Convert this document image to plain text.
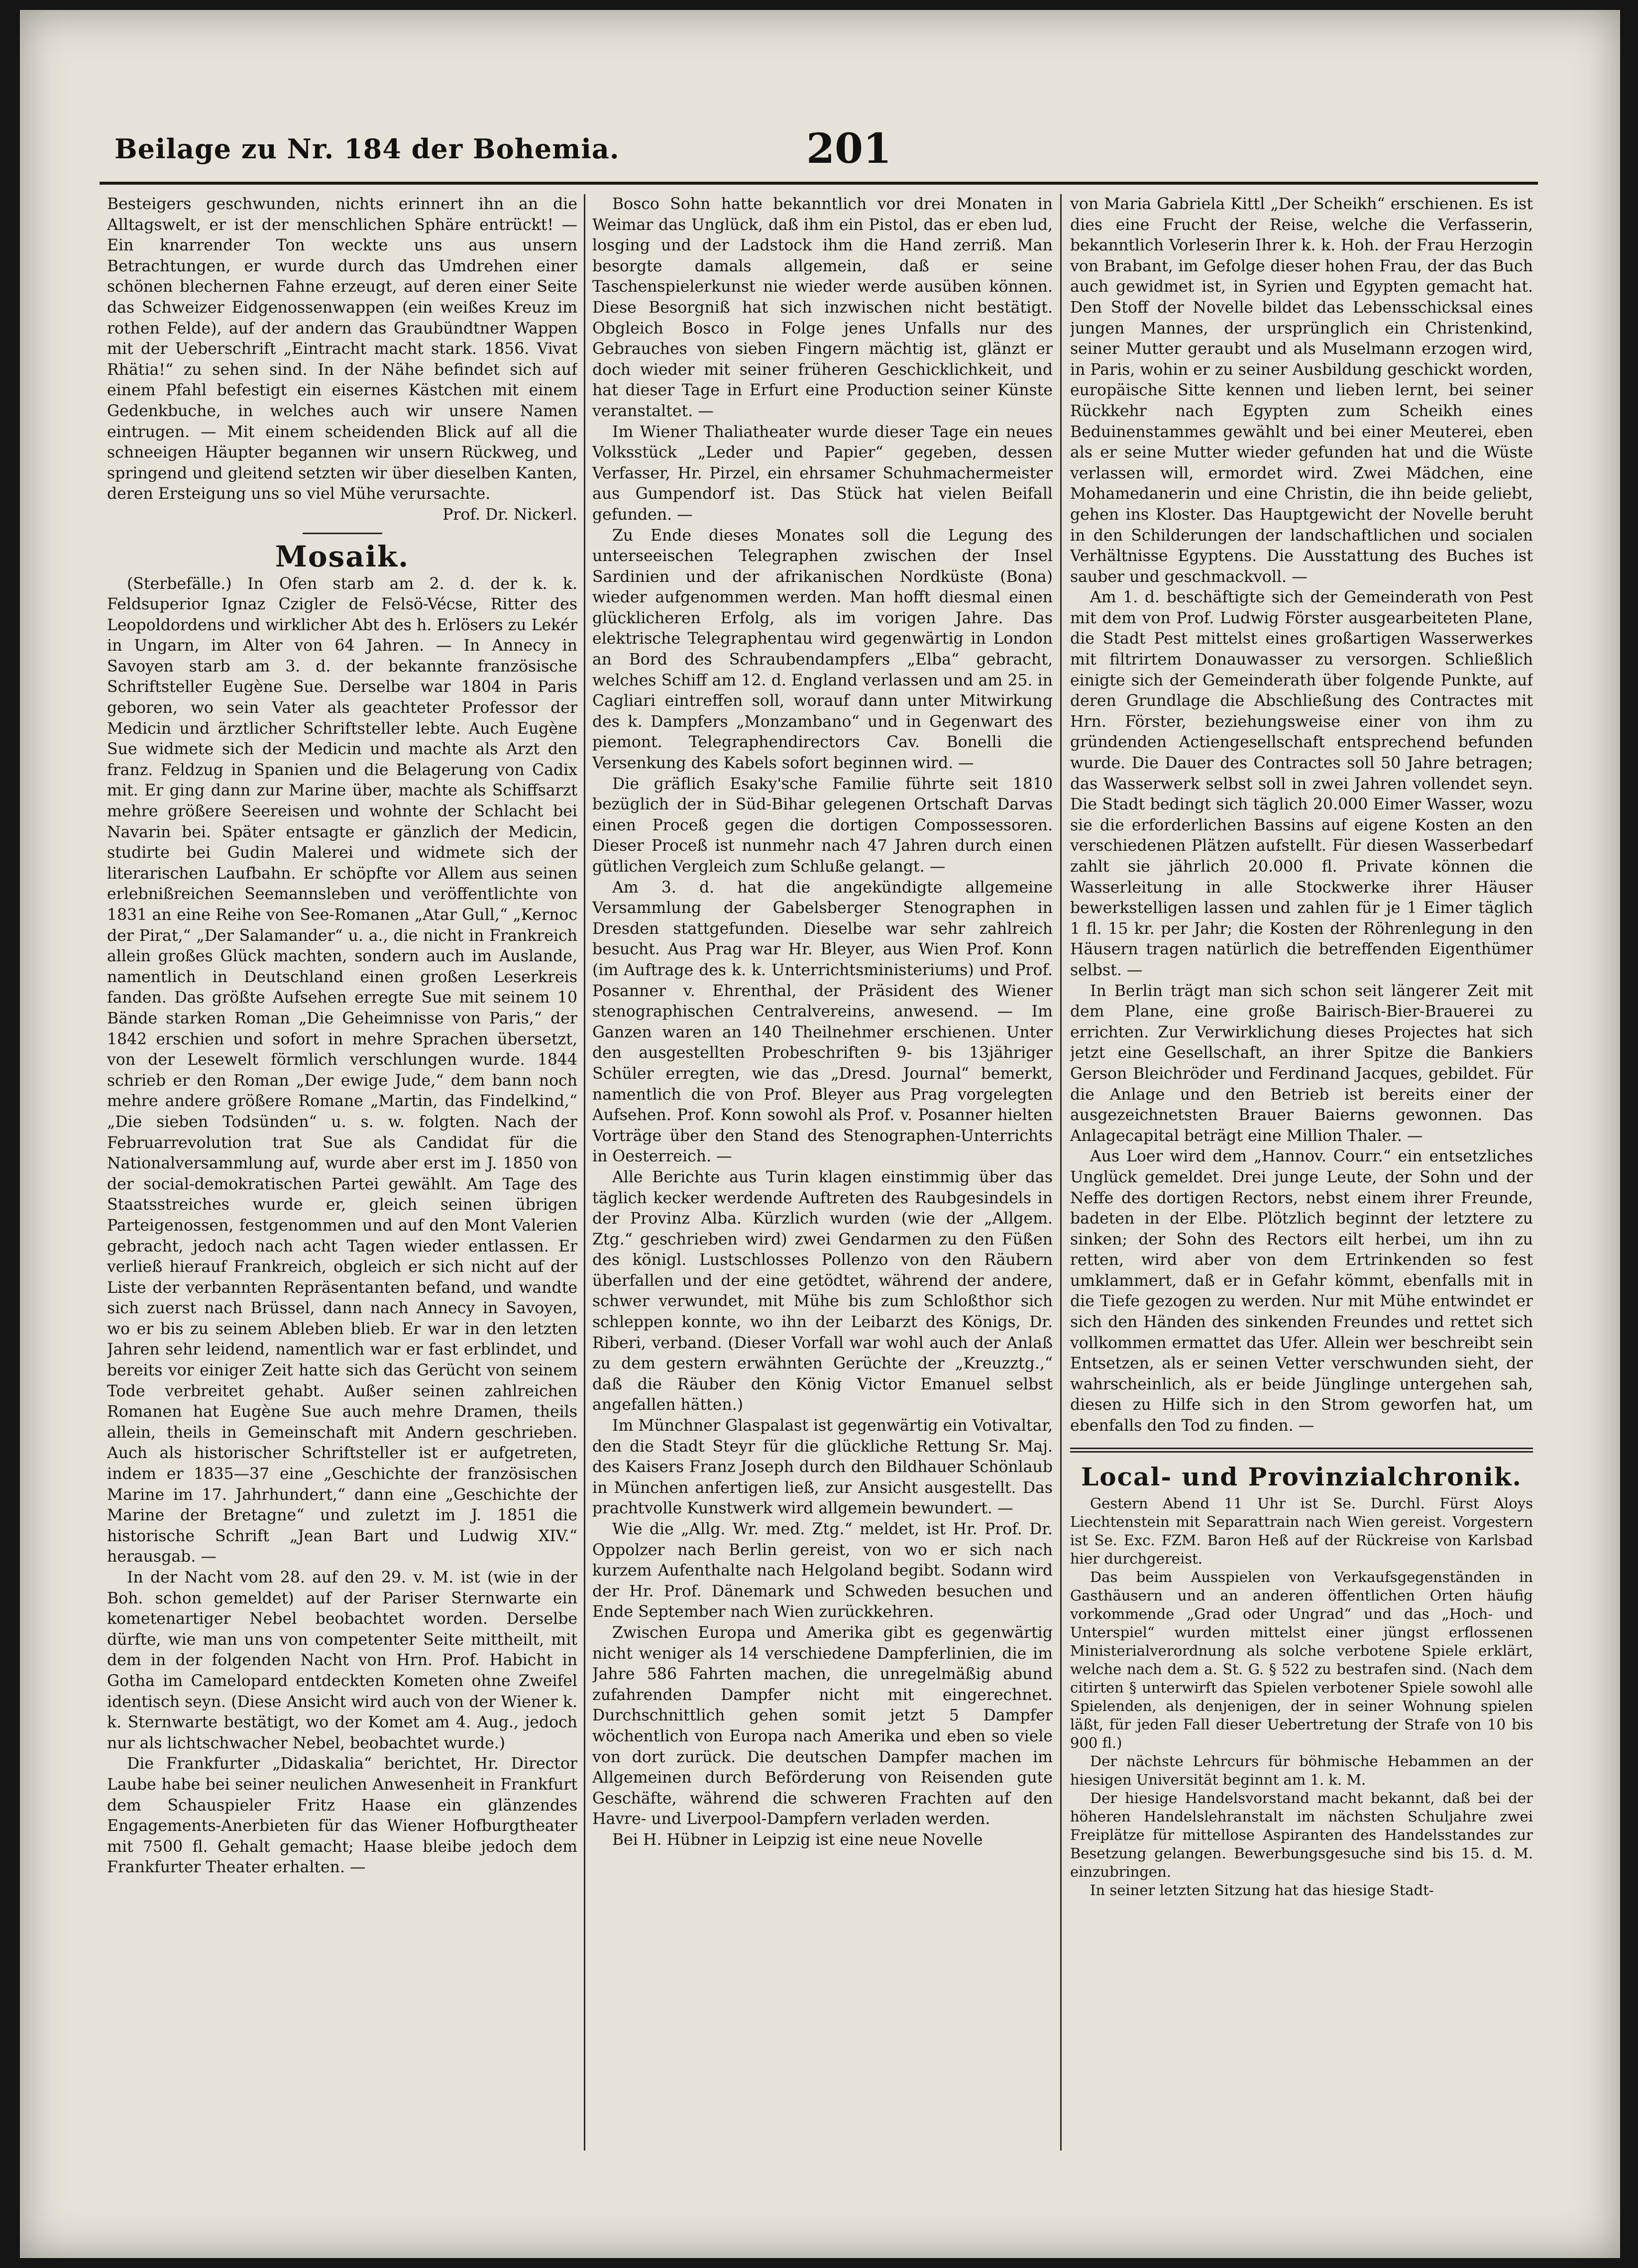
Beilage zu Nr. 184 der Bohemia.	201

Besteigers geschwunden, nichts erinnert ihn an die Alltagswelt, er ist der menschlichen Sphäre entrückt! — Ein knarrender Ton weckte uns aus unsern Betrachtungen, er wurde durch das Umdrehen einer schönen blechernen Fahne erzeugt, auf deren einer Seite das Schweizer Eidgenossenwappen (ein weißes Kreuz im rothen Felde), auf der andern das Graubündtner Wappen mit der Ueberschrift „Eintracht macht stark. 1856. Vivat Rhätia!“ zu sehen sind. In der Nähe befindet sich auf einem Pfahl befestigt ein eisernes Kästchen mit einem Gedenkbuche, in welches auch wir unsere Namen eintrugen. — Mit einem scheidenden Blick auf all die schneeigen Häupter begannen wir unsern Rückweg, und springend und gleitend setzten wir über dieselben Kanten, deren Ersteigung uns so viel Mühe verursachte.

Prof. Dr. Nickerl.

Mosaik.

(Sterbefälle.) In Ofen starb am 2. d. der k. k. Feldsuperior Ignaz Czigler de Felsö-Vécse, Ritter des Leopoldordens und wirklicher Abt des h. Erlösers zu Lekér in Ungarn, im Alter von 64 Jahren. — In Annecy in Savoyen starb am 3. d. der bekannte französische Schriftsteller Eugène Sue. Derselbe war 1804 in Paris geboren, wo sein Vater als geachteter Professor der Medicin und ärztlicher Schriftsteller lebte. Auch Eugène Sue widmete sich der Medicin und machte als Arzt den franz. Feldzug in Spanien und die Belagerung von Cadix mit. Er ging dann zur Marine über, machte als Schiffsarzt mehre größere Seereisen und wohnte der Schlacht bei Navarin bei. Später entsagte er gänzlich der Medicin, studirte bei Gudin Malerei und widmete sich der literarischen Laufbahn. Er schöpfte vor Allem aus seinen erlebnißreichen Seemannsleben und veröffentlichte von 1831 an eine Reihe von See-Romanen „Atar Gull,“ „Kernoc der Pirat,“ „Der Salamander“ u. a., die nicht in Frankreich allein großes Glück machten, sondern auch im Auslande, namentlich in Deutschland einen großen Leserkreis fanden. Das größte Aufsehen erregte Sue mit seinem 10 Bände starken Roman „Die Geheimnisse von Paris,“ der 1842 erschien und sofort in mehre Sprachen übersetzt, von der Lesewelt förmlich verschlungen wurde. 1844 schrieb er den Roman „Der ewige Jude,“ dem bann noch mehre andere größere Romane „Martin, das Findelkind,“ „Die sieben Todsünden“ u. s. w. folgten. Nach der Februarrevolution trat Sue als Candidat für die Nationalversammlung auf, wurde aber erst im J. 1850 von der social-demokratischen Partei gewählt. Am Tage des Staatsstreiches wurde er, gleich seinen übrigen Parteigenossen, festgenommen und auf den Mont Valerien gebracht, jedoch nach acht Tagen wieder entlassen. Er verließ hierauf Frankreich, obgleich er sich nicht auf der Liste der verbannten Repräsentanten befand, und wandte sich zuerst nach Brüssel, dann nach Annecy in Savoyen, wo er bis zu seinem Ableben blieb. Er war in den letzten Jahren sehr leidend, namentlich war er fast erblindet, und bereits vor einiger Zeit hatte sich das Gerücht von seinem Tode verbreitet gehabt. Außer seinen zahlreichen Romanen hat Eugène Sue auch mehre Dramen, theils allein, theils in Gemeinschaft mit Andern geschrieben. Auch als historischer Schriftsteller ist er aufgetreten, indem er 1835—37 eine „Geschichte der französischen Marine im 17. Jahrhundert,“ dann eine „Geschichte der Marine der Bretagne“ und zuletzt im J. 1851 die historische Schrift „Jean Bart und Ludwig XIV.“ herausgab. —

In der Nacht vom 28. auf den 29. v. M. ist (wie in der Boh. schon gemeldet) auf der Pariser Sternwarte ein kometenartiger Nebel beobachtet worden. Derselbe dürfte, wie man uns von competenter Seite mittheilt, mit dem in der folgenden Nacht von Hrn. Prof. Habicht in Gotha im Camelopard entdeckten Kometen ohne Zweifel identisch seyn. (Diese Ansicht wird auch von der Wiener k. k. Sternwarte bestätigt, wo der Komet am 4. Aug., jedoch nur als lichtschwacher Nebel, beobachtet wurde.)

Die Frankfurter „Didaskalia“ berichtet, Hr. Director Laube habe bei seiner neulichen Anwesenheit in Frankfurt dem Schauspieler Fritz Haase ein glänzendes Engagements-Anerbieten für das Wiener Hofburgtheater mit 7500 fl. Gehalt gemacht; Haase bleibe jedoch dem Frankfurter Theater erhalten. —

Bosco Sohn hatte bekanntlich vor drei Monaten in Weimar das Unglück, daß ihm ein Pistol, das er eben lud, losging und der Ladstock ihm die Hand zerriß. Man besorgte damals allgemein, daß er seine Taschenspielerkunst nie wieder werde ausüben können. Diese Besorgniß hat sich inzwischen nicht bestätigt. Obgleich Bosco in Folge jenes Unfalls nur des Gebrauches von sieben Fingern mächtig ist, glänzt er doch wieder mit seiner früheren Geschicklichkeit, und hat dieser Tage in Erfurt eine Production seiner Künste veranstaltet. —

Im Wiener Thaliatheater wurde dieser Tage ein neues Volksstück „Leder und Papier“ gegeben, dessen Verfasser, Hr. Pirzel, ein ehrsamer Schuhmachermeister aus Gumpendorf ist. Das Stück hat vielen Beifall gefunden. —

Zu Ende dieses Monates soll die Legung des unterseeischen Telegraphen zwischen der Insel Sardinien und der afrikanischen Nordküste (Bona) wieder aufgenommen werden. Man hofft diesmal einen glücklicheren Erfolg, als im vorigen Jahre. Das elektrische Telegraphentau wird gegenwärtig in London an Bord des Schraubendampfers „Elba“ gebracht, welches Schiff am 12. d. England verlassen und am 25. in Cagliari eintreffen soll, worauf dann unter Mitwirkung des k. Dampfers „Monzambano“ und in Gegenwart des piemont. Telegraphendirectors Cav. Bonelli die Versenkung des Kabels sofort beginnen wird. —

Die gräflich Esaky'sche Familie führte seit 1810 bezüglich der in Süd-Bihar gelegenen Ortschaft Darvas einen Proceß gegen die dortigen Compossessoren. Dieser Proceß ist nunmehr nach 47 Jahren durch einen gütlichen Vergleich zum Schluße gelangt. —

Am 3. d. hat die angekündigte allgemeine Versammlung der Gabelsberger Stenographen in Dresden stattgefunden. Dieselbe war sehr zahlreich besucht. Aus Prag war Hr. Bleyer, aus Wien Prof. Konn (im Auftrage des k. k. Unterrichtsministeriums) und Prof. Posanner v. Ehrenthal, der Präsident des Wiener stenographischen Centralvereins, anwesend. — Im Ganzen waren an 140 Theilnehmer erschienen. Unter den ausgestellten Probeschriften 9- bis 13jähriger Schüler erregten, wie das „Dresd. Journal“ bemerkt, namentlich die von Prof. Bleyer aus Prag vorgelegten Aufsehen. Prof. Konn sowohl als Prof. v. Posanner hielten Vorträge über den Stand des Stenographen-Unterrichts in Oesterreich. —

Alle Berichte aus Turin klagen einstimmig über das täglich kecker werdende Auftreten des Raubgesindels in der Provinz Alba. Kürzlich wurden (wie der „Allgem. Ztg.“ geschrieben wird) zwei Gendarmen zu den Füßen des königl. Lustschlosses Pollenzo von den Räubern überfallen und der eine getödtet, während der andere, schwer verwundet, mit Mühe bis zum Schloßthor sich schleppen konnte, wo ihn der Leibarzt des Königs, Dr. Riberi, verband. (Dieser Vorfall war wohl auch der Anlaß zu dem gestern erwähnten Gerüchte der „Kreuzztg.,“ daß die Räuber den König Victor Emanuel selbst angefallen hätten.)

Im Münchner Glaspalast ist gegenwärtig ein Votivaltar, den die Stadt Steyr für die glückliche Rettung Sr. Maj. des Kaisers Franz Joseph durch den Bildhauer Schönlaub in München anfertigen ließ, zur Ansicht ausgestellt. Das prachtvolle Kunstwerk wird allgemein bewundert. —

Wie die „Allg. Wr. med. Ztg.“ meldet, ist Hr. Prof. Dr. Oppolzer nach Berlin gereist, von wo er sich nach kurzem Aufenthalte nach Helgoland begibt. Sodann wird der Hr. Prof. Dänemark und Schweden besuchen und Ende September nach Wien zurückkehren.

Zwischen Europa und Amerika gibt es gegenwärtig nicht weniger als 14 verschiedene Dampferlinien, die im Jahre 586 Fahrten machen, die unregelmäßig abund zufahrenden Dampfer nicht mit eingerechnet. Durchschnittlich gehen somit jetzt 5 Dampfer wöchentlich von Europa nach Amerika und eben so viele von dort zurück. Die deutschen Dampfer machen im Allgemeinen durch Beförderung von Reisenden gute Geschäfte, während die schweren Frachten auf den Havre- und Liverpool-Dampfern verladen werden.

Bei H. Hübner in Leipzig ist eine neue Novelle

von Maria Gabriela Kittl „Der Scheikh“ erschienen. Es ist dies eine Frucht der Reise, welche die Verfasserin, bekanntlich Vorleserin Ihrer k. k. Hoh. der Frau Herzogin von Brabant, im Gefolge dieser hohen Frau, der das Buch auch gewidmet ist, in Syrien und Egypten gemacht hat. Den Stoff der Novelle bildet das Lebensschicksal eines jungen Mannes, der ursprünglich ein Christenkind, seiner Mutter geraubt und als Muselmann erzogen wird, in Paris, wohin er zu seiner Ausbildung geschickt worden, europäische Sitte kennen und lieben lernt, bei seiner Rückkehr nach Egypten zum Scheikh eines Beduinenstammes gewählt und bei einer Meuterei, eben als er seine Mutter wieder gefunden hat und die Wüste verlassen will, ermordet wird. Zwei Mädchen, eine Mohamedanerin und eine Christin, die ihn beide geliebt, gehen ins Kloster. Das Hauptgewicht der Novelle beruht in den Schilderungen der landschaftlichen und socialen Verhältnisse Egyptens. Die Ausstattung des Buches ist sauber und geschmackvoll. —

Am 1. d. beschäftigte sich der Gemeinderath von Pest mit dem von Prof. Ludwig Förster ausgearbeiteten Plane, die Stadt Pest mittelst eines großartigen Wasserwerkes mit filtrirtem Donauwasser zu versorgen. Schließlich einigte sich der Gemeinderath über folgende Punkte, auf deren Grundlage die Abschließung des Contractes mit Hrn. Förster, beziehungsweise einer von ihm zu gründenden Actiengesellschaft entsprechend befunden wurde. Die Dauer des Contractes soll 50 Jahre betragen; das Wasserwerk selbst soll in zwei Jahren vollendet seyn. Die Stadt bedingt sich täglich 20.000 Eimer Wasser, wozu sie die erforderlichen Bassins auf eigene Kosten an den verschiedenen Plätzen aufstellt. Für diesen Wasserbedarf zahlt sie jährlich 20.000 fl. Private können die Wasserleitung in alle Stockwerke ihrer Häuser bewerkstelligen lassen und zahlen für je 1 Eimer täglich 1 fl. 15 kr. per Jahr; die Kosten der Röhrenlegung in den Häusern tragen natürlich die betreffenden Eigenthümer selbst. —

In Berlin trägt man sich schon seit längerer Zeit mit dem Plane, eine große Bairisch-Bier-Brauerei zu errichten. Zur Verwirklichung dieses Projectes hat sich jetzt eine Gesellschaft, an ihrer Spitze die Bankiers Gerson Bleichröder und Ferdinand Jacques, gebildet. Für die Anlage und den Betrieb ist bereits einer der ausgezeichnetsten Brauer Baierns gewonnen. Das Anlagecapital beträgt eine Million Thaler. —

Aus Loer wird dem „Hannov. Courr.“ ein entsetzliches Unglück gemeldet. Drei junge Leute, der Sohn und der Neffe des dortigen Rectors, nebst einem ihrer Freunde, badeten in der Elbe. Plötzlich beginnt der letztere zu sinken; der Sohn des Rectors eilt herbei, um ihn zu retten, wird aber von dem Ertrinkenden so fest umklammert, daß er in Gefahr kömmt, ebenfalls mit in die Tiefe gezogen zu werden. Nur mit Mühe entwindet er sich den Händen des sinkenden Freundes und rettet sich vollkommen ermattet das Ufer. Allein wer beschreibt sein Entsetzen, als er seinen Vetter verschwunden sieht, der wahrscheinlich, als er beide Jünglinge untergehen sah, diesen zu Hilfe sich in den Strom geworfen hat, um ebenfalls den Tod zu finden. —

Local- und Provinzialchronik.

Gestern Abend 11 Uhr ist Se. Durchl. Fürst Aloys Liechtenstein mit Separattrain nach Wien gereist. Vorgestern ist Se. Exc. FZM. Baron Heß auf der Rückreise von Karlsbad hier durchgereist.

Das beim Ausspielen von Verkaufsgegenständen in Gasthäusern und an anderen öffentlichen Orten häufig vorkommende „Grad oder Ungrad“ und das „Hoch- und Unterspiel“ wurden mittelst einer jüngst erflossenen Ministerialverordnung als solche verbotene Spiele erklärt, welche nach dem a. St. G. § 522 zu bestrafen sind. (Nach dem citirten § unterwirft das Spielen verbotener Spiele sowohl alle Spielenden, als denjenigen, der in seiner Wohnung spielen läßt, für jeden Fall dieser Uebertretung der Strafe von 10 bis 900 fl.)

Der nächste Lehrcurs für böhmische Hebammen an der hiesigen Universität beginnt am 1. k. M.

Der hiesige Handelsvorstand macht bekannt, daß bei der höheren Handelslehranstalt im nächsten Schuljahre zwei Freiplätze für mittellose Aspiranten des Handelsstandes zur Besetzung gelangen. Bewerbungsgesuche sind bis 15. d. M. einzubringen.

In seiner letzten Sitzung hat das hiesige Stadt-
